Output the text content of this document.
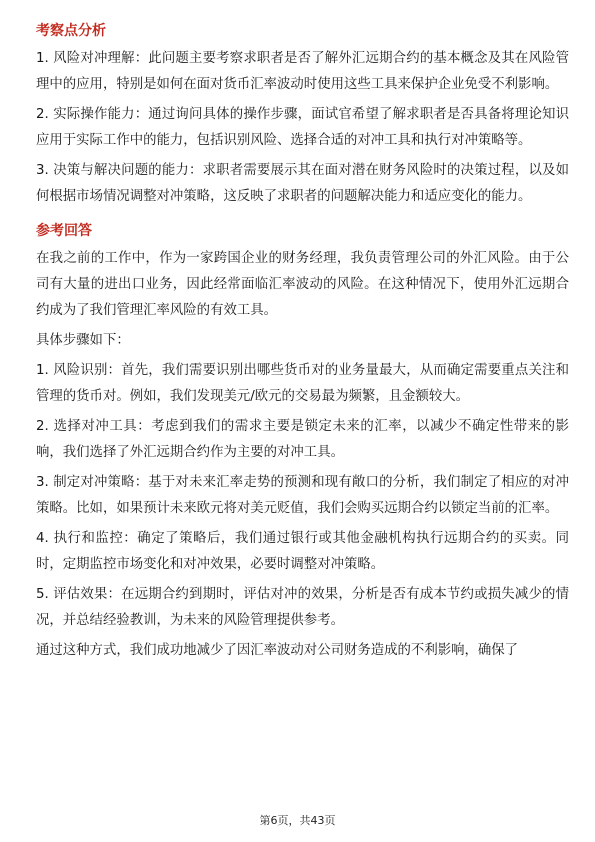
考察点分析

1. 风险对冲理解：此问题主要考察求职者是否了解外汇远期合约的基本概念及其在风险管理中的应用，特别是如何在面对货币汇率波动时使用这些工具来保护企业免受不利影响。

2. 实际操作能力：通过询问具体的操作步骤，面试官希望了解求职者是否具备将理论知识应用于实际工作中的能力，包括识别风险、选择合适的对冲工具和执行对冲策略等。

3. 决策与解决问题的能力：求职者需要展示其在面对潜在财务风险时的决策过程，以及如何根据市场情况调整对冲策略，这反映了求职者的问题解决能力和适应变化的能力。

参考回答

在我之前的工作中，作为一家跨国企业的财务经理，我负责管理公司的外汇风险。由于公司有大量的进出口业务，因此经常面临汇率波动的风险。在这种情况下，使用外汇远期合约成为了我们管理汇率风险的有效工具。

具体步骤如下：

1. 风险识别：首先，我们需要识别出哪些货币对的业务量最大，从而确定需要重点关注和管理的货币对。例如，我们发现美元/欧元的交易最为频繁，且金额较大。

2. 选择对冲工具：考虑到我们的需求主要是锁定未来的汇率，以减少不确定性带来的影响，我们选择了外汇远期合约作为主要的对冲工具。

3. 制定对冲策略：基于对未来汇率走势的预测和现有敞口的分析，我们制定了相应的对冲策略。比如，如果预计未来欧元将对美元贬值，我们会购买远期合约以锁定当前的汇率。

4. 执行和监控：确定了策略后，我们通过银行或其他金融机构执行远期合约的买卖。同时，定期监控市场变化和对冲效果，必要时调整对冲策略。

5. 评估效果：在远期合约到期时，评估对冲的效果，分析是否有成本节约或损失减少的情况，并总结经验教训，为未来的风险管理提供参考。

通过这种方式，我们成功地减少了因汇率波动对公司财务造成的不利影响，确保了

第6页，共43页
